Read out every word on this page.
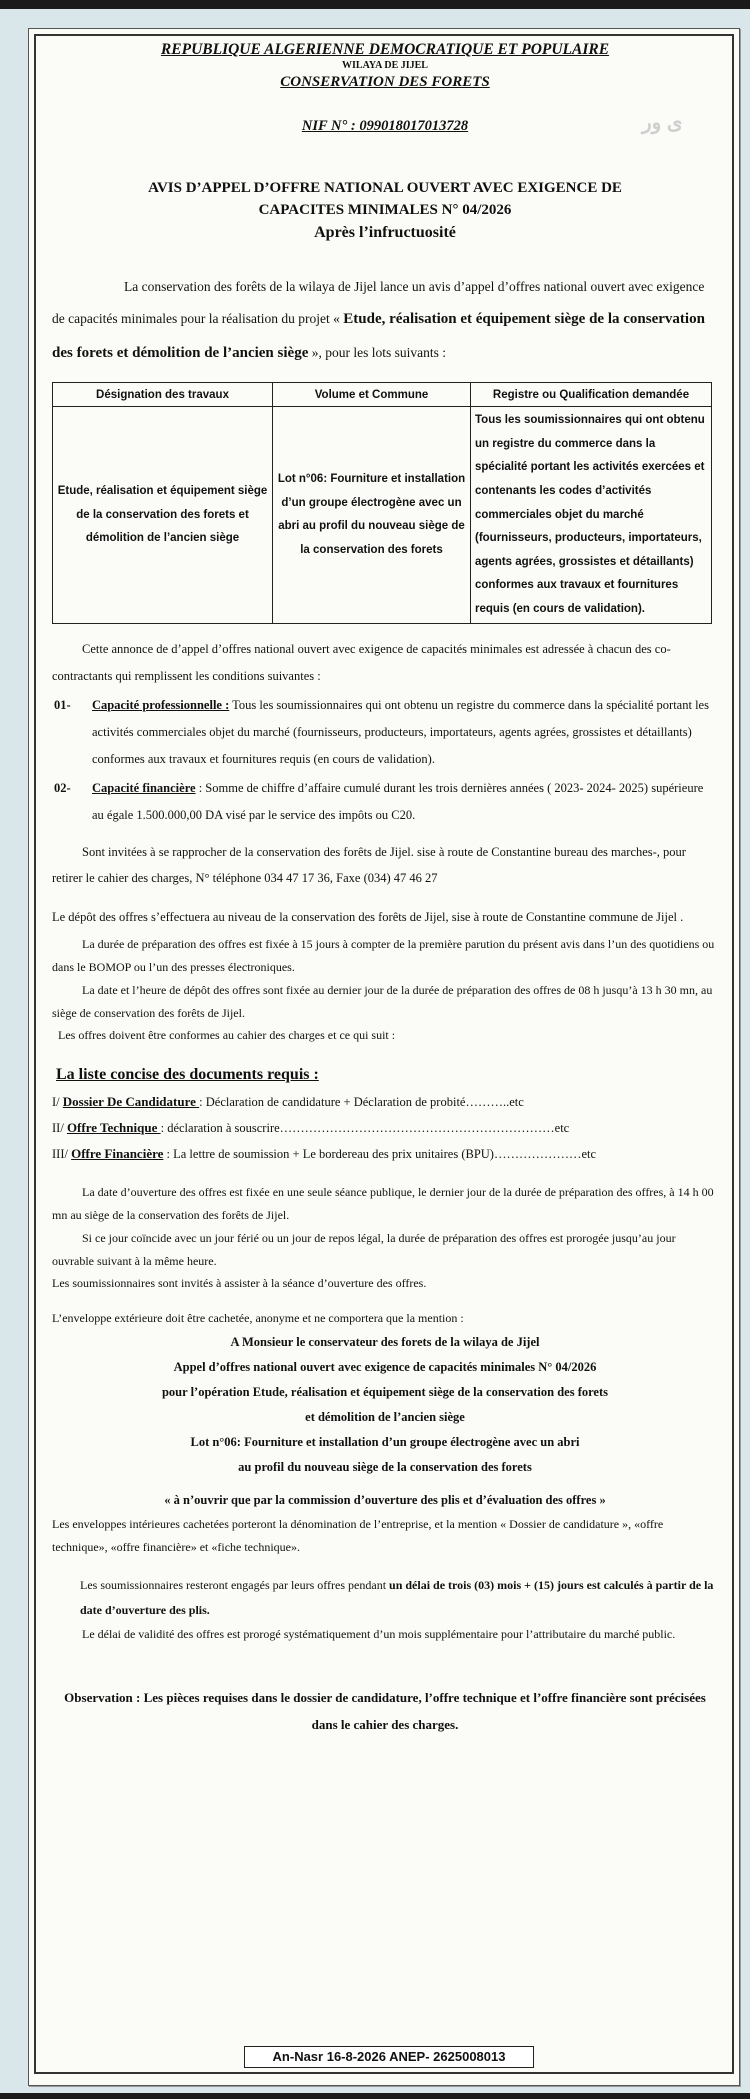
ی ور
REPUBLIQUE ALGERIENNE DEMOCRATIQUE ET POPULAIRE
WILAYA DE JIJEL
CONSERVATION DES FORETS
NIF N° : 099018017013728
AVIS D’APPEL D’OFFRE NATIONAL OUVERT AVEC EXIGENCE DE
CAPACITES MINIMALES N° 04/2026
Après l’infructuosité

La conservation des forêts de la wilaya de Jijel lance un avis d’appel d’offres national ouvert avec exigence de capacités minimales pour la réalisation du projet « Etude, réalisation et équipement siège de la conservation des forets et démolition de l’ancien siège », pour les lots suivants :

Désignation des travaux	Volume et Commune	Registre ou Qualification demandée
Etude, réalisation et équipement siège de la conservation des forets et démolition de l’ancien siège	Lot n°06: Fourniture et installation d’un groupe électrogène avec un abri au profil du nouveau siège de la conservation des forets	Tous les soumissionnaires qui ont obtenu un registre du commerce dans la spécialité portant les activités exercées et contenants les codes d’activités commerciales objet du marché (fournisseurs, producteurs, importateurs, agents agrées, grossistes et détaillants) conformes aux travaux et fournitures requis (en cours de validation).

Cette annonce de d’appel d’offres national ouvert avec exigence de capacités minimales est adressée à chacun des co- contractants qui remplissent les conditions suivantes :

01-	Capacité professionnelle : Tous les soumissionnaires qui ont obtenu un registre du commerce dans la spécialité portant les activités commerciales objet du marché (fournisseurs, producteurs, importateurs, agents agrées, grossistes et détaillants) conformes aux travaux et fournitures requis (en cours de validation).
02-	Capacité financière : Somme de chiffre d’affaire cumulé durant les trois dernières années ( 2023- 2024- 2025) supérieure au égale 1.500.000,00 DA visé par le service des impôts ou C20.

Sont invitées à se rapprocher de la conservation des forêts de Jijel. sise à route de Constantine bureau des marches-, pour retirer le cahier des charges, N° téléphone 034 47 17 36, Faxe (034) 47 46 27

Le dépôt des offres s’effectuera au niveau de la conservation des forêts de Jijel, sise à route de Constantine commune de Jijel .

La durée de préparation des offres est fixée à 15 jours à compter de la première parution du présent avis dans l’un des quotidiens ou dans le BOMOP ou l’un des presses électroniques.

La date et l’heure de dépôt des offres sont fixée au dernier jour de la durée de préparation des offres de 08 h jusqu’à 13 h 30 mn, au siège de conservation des forêts de Jijel.

Les offres doivent être conformes au cahier des charges et ce qui suit :

La liste concise des documents requis :
I/ Dossier De Candidature : Déclaration de candidature + Déclaration de probité………..etc
II/ Offre Technique : déclaration à souscrire…………………………………………………………etc
III/ Offre Financière : La lettre de soumission + Le bordereau des prix unitaires (BPU)…………………etc

La date d’ouverture des offres est fixée en une seule séance publique, le dernier jour de la durée de préparation des offres, à 14 h 00 mn au siège de la conservation des forêts de Jijel.

Si ce jour coïncide avec un jour férié ou un jour de repos légal, la durée de préparation des offres est prorogée jusqu’au jour ouvrable suivant à la même heure.

Les soumissionnaires sont invités à assister à la séance d’ouverture des offres.

L’enveloppe extérieure doit être cachetée, anonyme et ne comportera que la mention :

A Monsieur le conservateur des forets de la wilaya de Jijel
Appel d’offres national ouvert avec exigence de capacités minimales N° 04/2026
pour l’opération Etude, réalisation et équipement siège de la conservation des forets
et démolition de l’ancien siège
Lot n°06: Fourniture et installation d’un groupe électrogène avec un abri
au profil du nouveau siège de la conservation des forets
« à n’ouvrir que par la commission d’ouverture des plis et d’évaluation des offres »

Les enveloppes intérieures cachetées porteront la dénomination de l’entreprise, et la mention « Dossier de candidature », «offre technique», «offre financière» et «fiche technique».

Les soumissionnaires resteront engagés par leurs offres pendant un délai de trois (03) mois + (15) jours est calculés à partir de la date d’ouverture des plis.

Le délai de validité des offres est prorogé systématiquement d’un mois supplémentaire pour l’attributaire du marché public.

Observation : Les pièces requises dans le dossier de candidature, l’offre technique et l’offre financière sont précisées dans le cahier des charges.

An-Nasr 16-8-2026 ANEP- 2625008013
